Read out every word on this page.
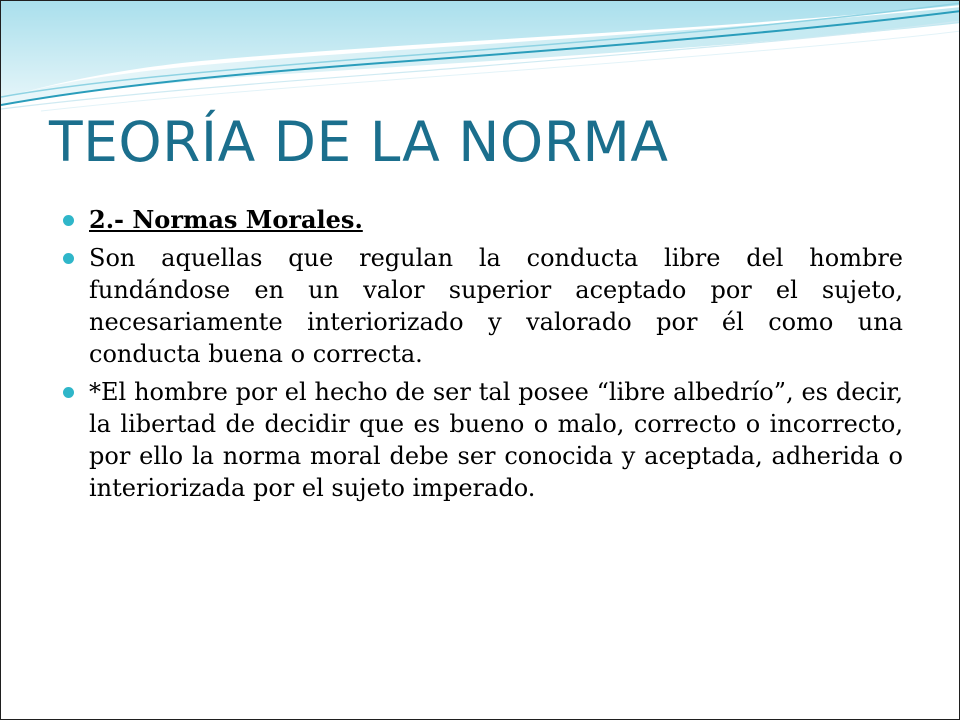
TEORÍA DE LA NORMA
2.- Normas Morales.
Son aquellas que regulan la conducta libre del hombre fundándose en un valor superior aceptado por el sujeto, necesariamente interiorizado y valorado por él como una conducta buena o correcta.
*El hombre por el hecho de ser tal posee “libre albedrío”, es decir, la libertad de decidir que es bueno o malo, correcto o incorrecto, por ello la norma moral debe ser conocida y aceptada, adherida o interiorizada por el sujeto imperado.
